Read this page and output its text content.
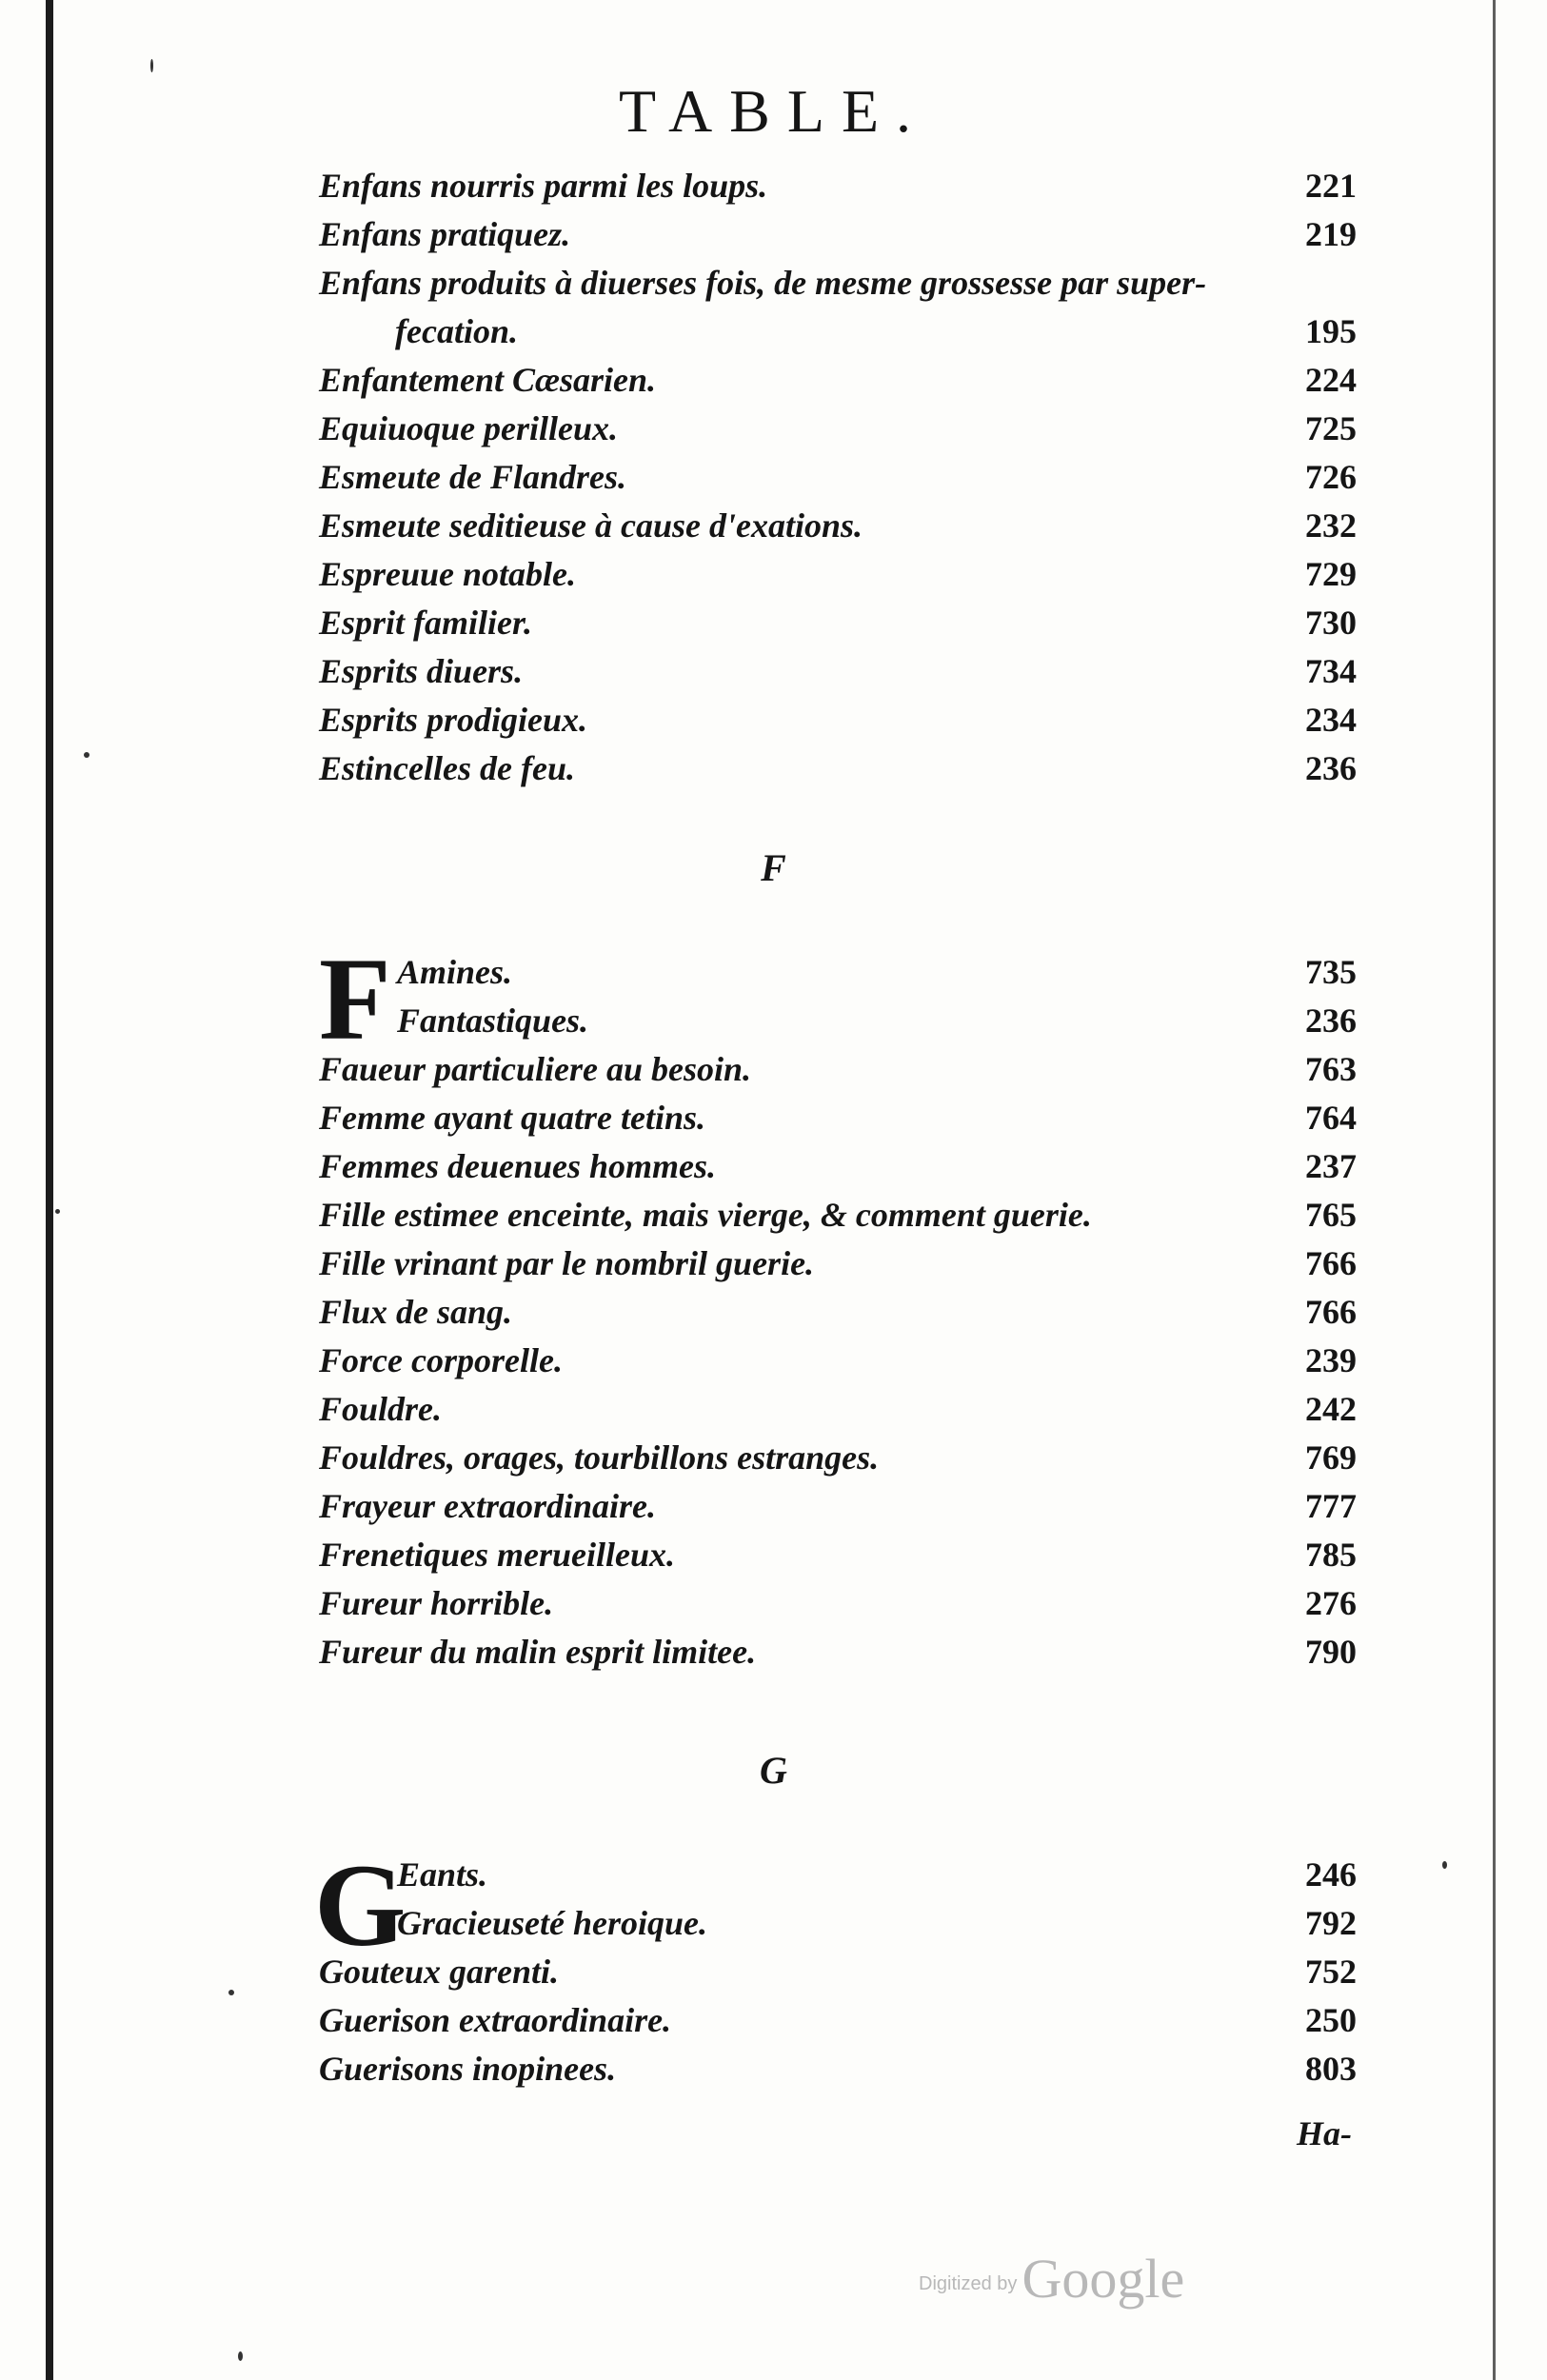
TABLE.
Enfans nourris parmi les loups.	221
Enfans pratiquez.	219
Enfans produits à diuerses fois, de mesme grossesse par super-
fecation.	195
Enfantement Cæsarien.	224
Equiuoque perilleux.	725
Esmeute de Flandres.	726
Esmeute seditieuse à cause d'exations.	232
Espreuue notable.	729
Esprit familier.	730
Esprits diuers.	734
Esprits prodigieux.	234
Estincelles de feu.	236
F
F Amines.	735
Fantastiques.	236
Faueur particuliere au besoin.	763
Femme ayant quatre tetins.	764
Femmes deuenues hommes.	237
Fille estimee enceinte, mais vierge, & comment guerie.	765
Fille vrinant par le nombril guerie.	766
Flux de sang.	766
Force corporelle.	239
Fouldre.	242
Fouldres, orages, tourbillons estranges.	769
Frayeur extraordinaire.	777
Frenetiques merueilleux.	785
Fureur horrible.	276
Fureur du malin esprit limitee.	790
G
G
Eants.	246
Gracieuseté heroique.	792
Gouteux garenti.	752
Guerison extraordinaire.	250
Guerisons inopinees.	803
Ha-
Digitized by Google
